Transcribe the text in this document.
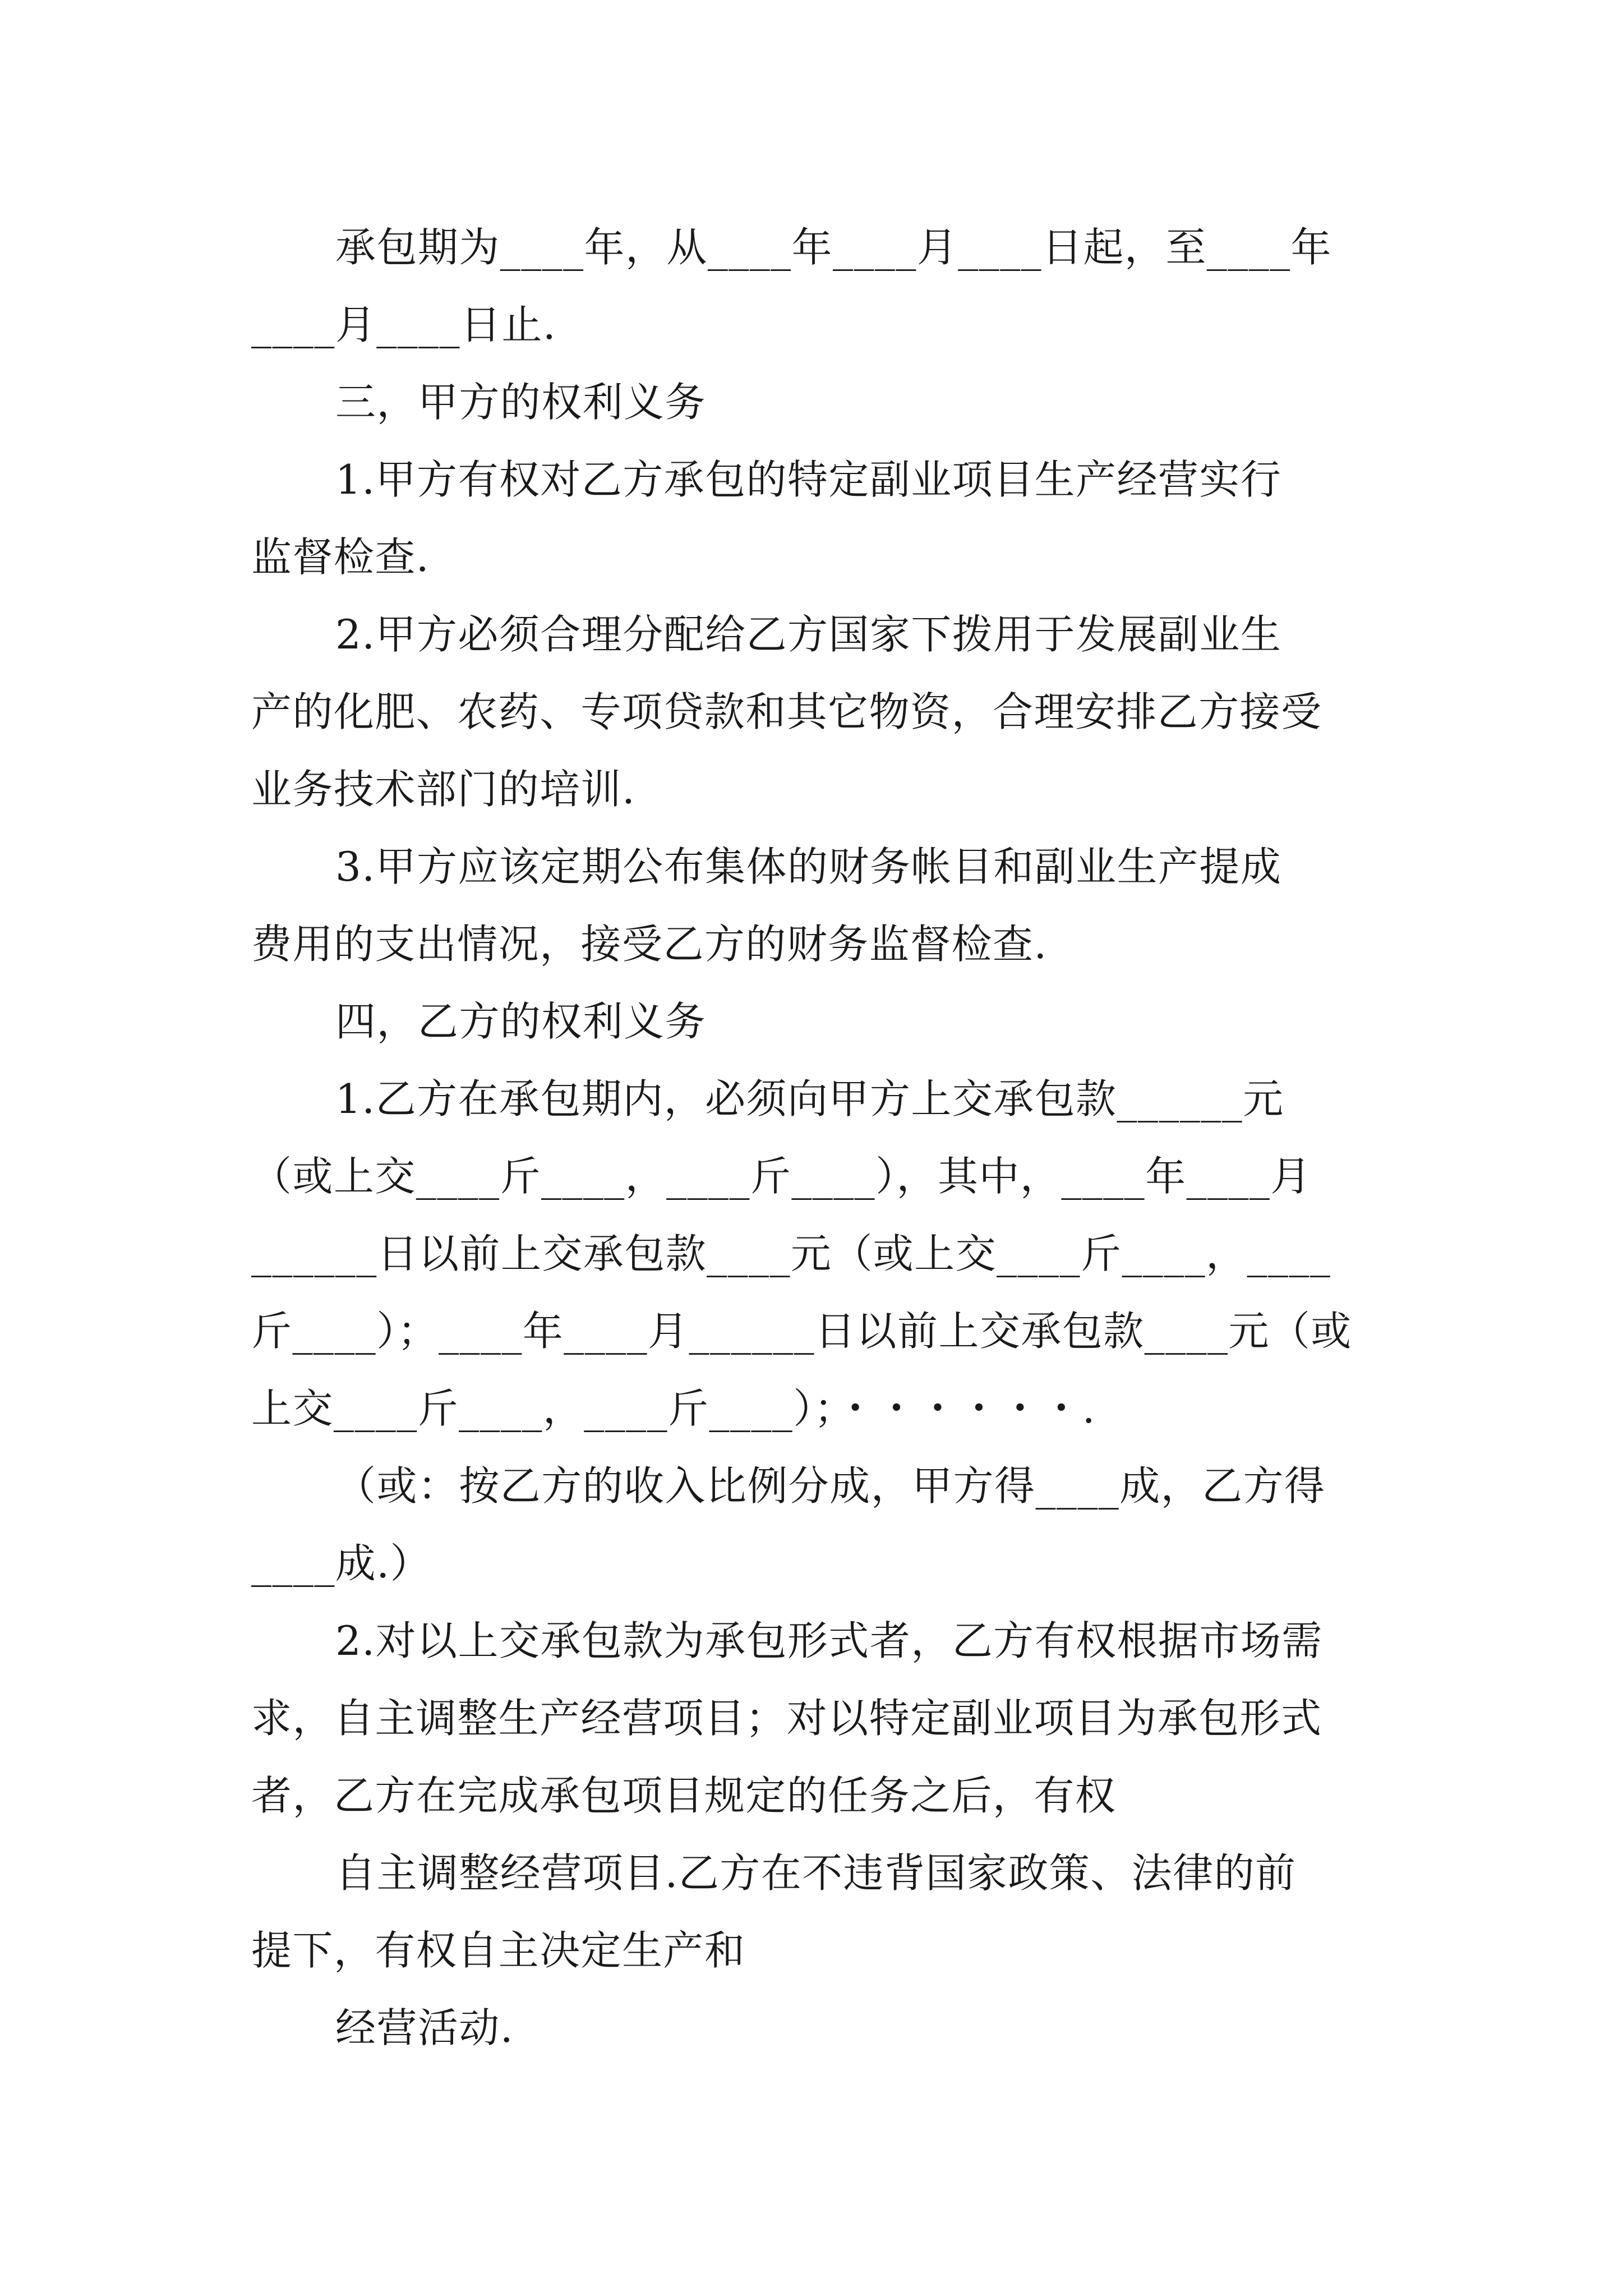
承包期为____年，从____年____月____日起，至____年
____月____日止.
三，甲方的权利义务
1.甲方有权对乙方承包的特定副业项目生产经营实行
监督检查.
2.甲方必须合理分配给乙方国家下拨用于发展副业生
产的化肥、农药、专项贷款和其它物资，合理安排乙方接受
业务技术部门的培训.
3.甲方应该定期公布集体的财务帐目和副业生产提成
费用的支出情况，接受乙方的财务监督检查.
四，乙方的权利义务
1.乙方在承包期内，必须向甲方上交承包款______元
（或上交____斤____，____斤____），其中，____年____月
______日以前上交承包款____元（或上交____斤____，____
斤____）；____年____月______日以前上交承包款____元（或
上交____斤____，____斤____）；・・・・・・.
（或：按乙方的收入比例分成，甲方得____成，乙方得
____成.）
2.对以上交承包款为承包形式者，乙方有权根据市场需
求，自主调整生产经营项目；对以特定副业项目为承包形式
者，乙方在完成承包项目规定的任务之后，有权
自主调整经营项目.乙方在不违背国家政策、法律的前
提下，有权自主决定生产和
经营活动.
